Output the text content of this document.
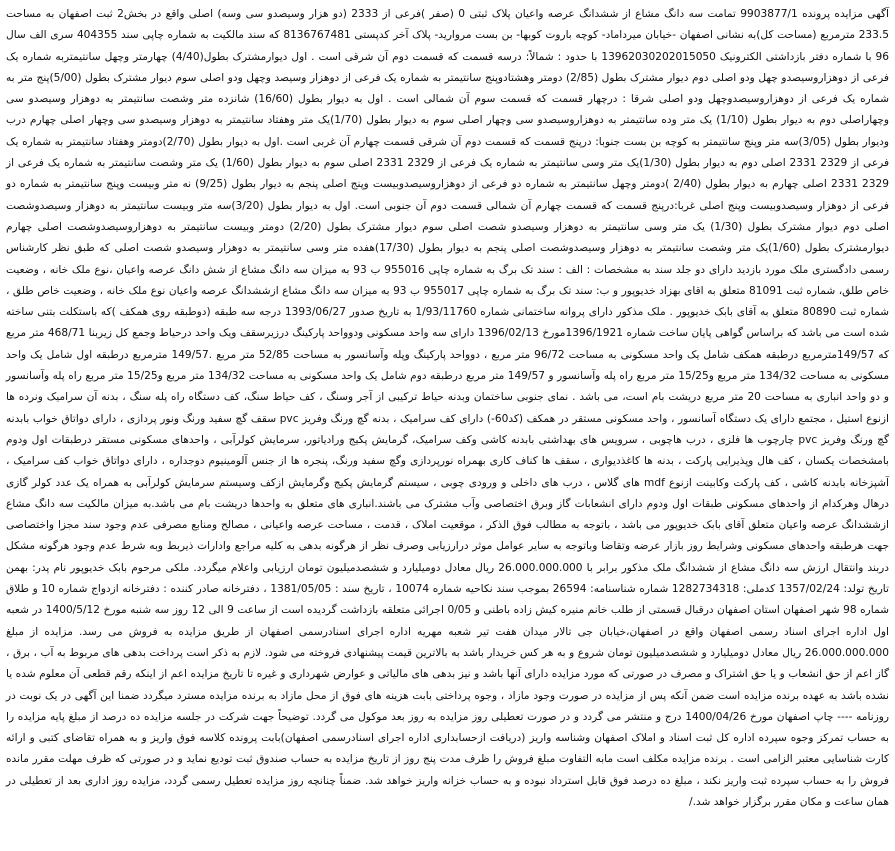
آگهی مزایده پرونده 9903877/1 تمامت سه دانگ مشاع از ششدانگ عرصه واعیان پلاک ثبتی 0 (صفر )فرعی از 2333 (دو هزار وسیصدو سی وسه) اصلی واقع در بخش2 ثبت اصفهان به مساحت 233.5 مترمربع (مساحت کل)به نشانی اصفهان -خیابان میرداماد- کوچه باروت کوبها- بن بست مروارید- پلاک آخر کدپستی 8136767481 که سند مالکیت به شماره چاپی سند 404355 سری الف سال 96 با شماره دفتر بازداشتی الکترونیک 13962030202015050 با حدود : شمالاً: درسه قسمت که قسمت دوم آن شرقی است . اول دیوارمشترک بطول(4/40) چهارمتر وچهل سانتیمتربه شماره یک فرعی از دوهزاروسیصدو چهل ودو اصلی دوم دیوار مشترک بطول (2/85) دومتر وهشتادوپنج سانتیمتر به شماره یک فرعی از دوهزار وسیصد وچهل ودو اصلی سوم دیوار مشترک بطول (5/00)پنج متر به شماره یک فرعی از دوهزاروسیصدوچهل ودو اصلی شرقا : درچهار قسمت که قسمت سوم آن شمالی است . اول به دیوار بطول (16/60) شانزده متر وشصت سانتیمتر به دوهزار وسیصدو سی وچهاراصلی دوم به دیوار بطول (1/10) یک متر وده سانتیمتر به دوهزاروسیصدو سی وچهار اصلی سوم به دیوار بطول (1/70)یک متر وهفتاد سانتیمتر به دوهزار وسیصدو سی وچهار اصلی چهارم درب ودیوار بطول (3/05)سه متر وپنج سانتیمتر به کوچه بن بست جنوبا: درپنج قسمت که قسمت دوم آن شرقی قسمت چهارم آن غربی است .اول به دیوار بطول (2/70)دومتر وهفتاد سانتیمتر به شماره یک فرعی از 2329 2331 اصلی دوم به دیوار بطول (1/30)یک متر وسی سانتیمتر به شماره یک فرعی از 2329 2331 اصلی سوم به دیوار بطول (1/60) یک متر وشصت سانتیمتر به شماره یک فرعی از 2329 2331 اصلی چهارم به دیوار بطول (2/40 )دومتر وچهل سانتیمتر به شماره دو فرعی از دوهزاروسیصدوبیست وپنج اصلی پنجم به دیوار بطول (9/25) نه متر وبیست وپنج سانتیمتر به شماره دو فرعی از دوهزار وسیصدوبیست وپنج اصلی غربا:درپنج قسمت که قسمت چهارم آن شمالی قسمت دوم آن جنوبی است. اول به دیوار بطول (3/20)سه متر وبیست سانتیمتر به دوهزار وسیصدوشصت اصلی دوم دیوار مشترک بطول (1/30) یک متر وسی سانتیمتر به دوهزار وسیصدو شصت اصلی سوم دیوار مشترک بطول (2/20) دومتر وبیست سانتیمتر به دوهزاروسیصدوشصت اصلی چهارم دیوارمشترک بطول (1/60)یک متر وشصت سانتیمتر به دوهزار وسیصدوشصت اصلی پنجم به دیوار بطول (17/30)هفده متر وسی سانتیمتر به دوهزار وسیصدو شصت اصلی که طبق نظر کارشناس رسمی دادگستری ملک مورد بازدید دارای دو جلد سند به مشخصات : الف : سند تک برگ به شماره چاپی 955016 ب 93 به میزان سه دانگ مشاع از شش دانگ عرصه واعیان ،نوع ملک خانه ، وضعیت خاص طلق، شماره ثبت 81091 متعلق به اقای بهزاد خدیوپور و ب: سند تک برگ به شماره چاپی 955017 ب 93 به میزان سه دانگ مشاع ازششدانگ عرصه واعیان نوع ملک خانه ، وضعیت خاص طلق ، شماره ثبت 80890 متعلق به آقای بابک خدیوپور . ملک مذکور دارای پروانه ساختمانی شماره 1/93/11760 به تاریخ صدور 1393/06/27 درجه سه طبقه (دوطبقه روی همکف )که باستکلت بتنی ساخته شده است می باشد که براساس گواهی پایان ساخت شماره 1396/1921مورخ 1396/02/13 دارای سه واحد مسکونی ودوواحد پارکینگ درزیرسقف ویک واحد درحیاط وجمع کل زیربنا 468/71 متر مربع که 149/57مترمربع درطبقه همکف شامل یک واحد مسکونی به مساحت 96/72 متر مربع ، دوواحد پارکینگ وپله وآسانسور به مساحت 52/85 متر مربع .149/57 مترمربع درطبقه اول شامل یک واحد مسکونی به مساحت 134/32 متر مربع و15/25 متر مربع راه پله وآسانسور و 149/57 متر مربع درطبقه دوم شامل یک واحد مسکونی به مساحت 134/32 متر مربع و15/25 متر مربع راه پله وآسانسور و دو واحد انباری به مساحت 20 متر مربع دریشت بام است، می باشد . نمای جنوبی ساختمان وبدنه حیاط ترکیبی از آجر وسنگ ، کف حیاط سنگ، کف دستگاه راه پله سنگ ، بدنه آن سرامیک ونرده ها ازنوع استیل ، مجتمع دارای یک دستگاه آسانسور ، واحد مسکونی مستقر در همکف (کد60-) دارای کف سرامیک ، بدنه گچ ورنگ وفریز pvc سقف گچ سفید ورنگ ونور پردازی ، دارای دواتاق خواب بابدنه گچ ورنگ وفریز pvc چارچوب ها فلزی ، درب هاچوبی ، سرویس های بهداشتی بابدنه کاشی وکف سرامیک، گرمایش پکیج ورادیاتور، سرمایش کولرآبی ، واحدهای مسکونی مستقر درطبقات اول ودوم بامشخصات یکسان ، کف هال وپذیرایی پارکت ، بدنه ها کاغذدیواری ، سقف ها کناف کاری بهمراه نورپردازی وگچ سفید ورنگ، پنجره ها از جنس آلومینیوم دوجداره ، دارای دواتاق خواب کف سرامیک ، آشپزخانه بابدنه کاشی ، کف پارکت وکابینت ازنوع mdf های گلاس ، درب های داخلی و ورودی چوبی ، سیستم گرمایش پکیج وگرمایش ازکف وسیستم سرمایش کولرآبی به همراه یک عدد کولر گازی درهال وهرکدام از واحدهای مسکونی طبقات اول ودوم دارای انشعابات گاز وبرق اختصاصی وآب مشترک می باشند.انباری های متعلق به واحدها دریشت بام می باشد.به میزان مالکیت سه دانگ مشاع ازششدانگ عرصه واعیان متعلق آقای بابک خدیوپور می باشد ، باتوجه به مطالب فوق الذکر ، موقعیت املاک ، قدمت ، مساحت عرصه واعیانی ، مصالح ومنابع مصرفی عدم وجود سند مجزا واختصاصی جهت هرطبقه واحدهای مسکونی وشرایط روز بازار عرضه وتقاضا وباتوجه به سایر عوامل موثر درارزیابی وصرف نظر از هرگونه بدهی به کلیه مراجع وادارات ذیربط وبه شرط عدم وجود هرگونه مشکل دربند وانتقال ارزش سه دانگ مشاع از ششدانگ ملک مذکور برابر با 26.000.000.000 ریال معادل دومیلیارد و ششصدمیلیون تومان ارزیابی واعلام میگردد. ملکی مرحوم بابک خدیوپور نام پدر: بهمن تاریخ تولد: 1357/02/24 کدملی: 1282734318 شماره شناسنامه: 26594 بموجب سند نکاحیه شماره 10074 ، تاریخ سند : 1381/05/05 ، دفترخانه صادر کننده : دفترخانه ازدواج شماره 10 و طلاق شماره 98 شهر اصفهان استان اصفهان درقبال قسمتی از طلب خانم منیره کیش زاده باطنی و 0/05 اجرائی متعلقه بازداشت گردیده است از ساعت 9 الی 12 روز سه شنبه مورخ 1400/5/12 در شعبه اول اداره اجرای اسناد رسمی اصفهان واقع در اصفهان،خیابان جی تالار میدان هفت تیر شعبه مهریه اداره اجرای اسنادرسمی اصفهان از طریق مزایده به فروش می رسد. مزایده از مبلغ 26.000.000.000 ریال معادل دومیلیارد و ششصدمیلیون تومان شروع و به هر کس خریدار باشد به بالاترین قیمت پیشنهادی فروخته می شود. لازم به ذکر است پرداخت بدهی های مربوط به آب ، برق ، گاز اعم از حق انشعاب و یا حق اشتراک و مصرف در صورتی که مورد مزایده دارای آنها باشد و نیز بدهی های مالیاتی و عوارض شهرداری و غیره تا تاریخ مزایده اعم از اینکه رقم قطعی آن معلوم شده یا نشده باشد به عهده برنده مزایده است ضمن آنکه پس از مزایده در صورت وجود مازاد ، وجوه پرداختی بابت هزینه های فوق از محل مازاد به برنده مزایده مسترد میگردد ضمنا این آگهی در یک نوبت در روزنامه ---- چاپ اصفهان مورخ 1400/04/26 درج و منتشر می گردد و در صورت تعطیلی روز مزایده به روز بعد موکول می گردد. توضیحاً جهت شرکت در جلسه مزایده ده درصد از مبلغ پایه مزایده را به حساب تمرکز وجوه سپرده اداره کل ثبت اسناد و املاک اصفهان وشناسه واریز (دریافت ازحسابداری اداره اجرای اسنادرسمی اصفهان)بابت پرونده کلاسه فوق واریز و به همراه تقاضای کتبی و ارائه کارت شناسایی معتبر الزامی است . برنده مزایده مکلف است مابه التفاوت مبلغ فروش را ظرف مدت پنج روز از تاریخ مزایده به حساب صندوق ثبت تودیع نماید و در صورتی که ظرف مهلت مقرر مانده فروش را به حساب سپرده ثبت واریز نکند ، مبلغ ده درصد فوق قابل استرداد نبوده و به حساب خزانه واریز خواهد شد. ضمناً چنانچه روز مزایده تعطیل رسمی گردد، مزایده روز اداری بعد از تعطیلی در همان ساعت و مکان مقرر برگزار خواهد شد./
